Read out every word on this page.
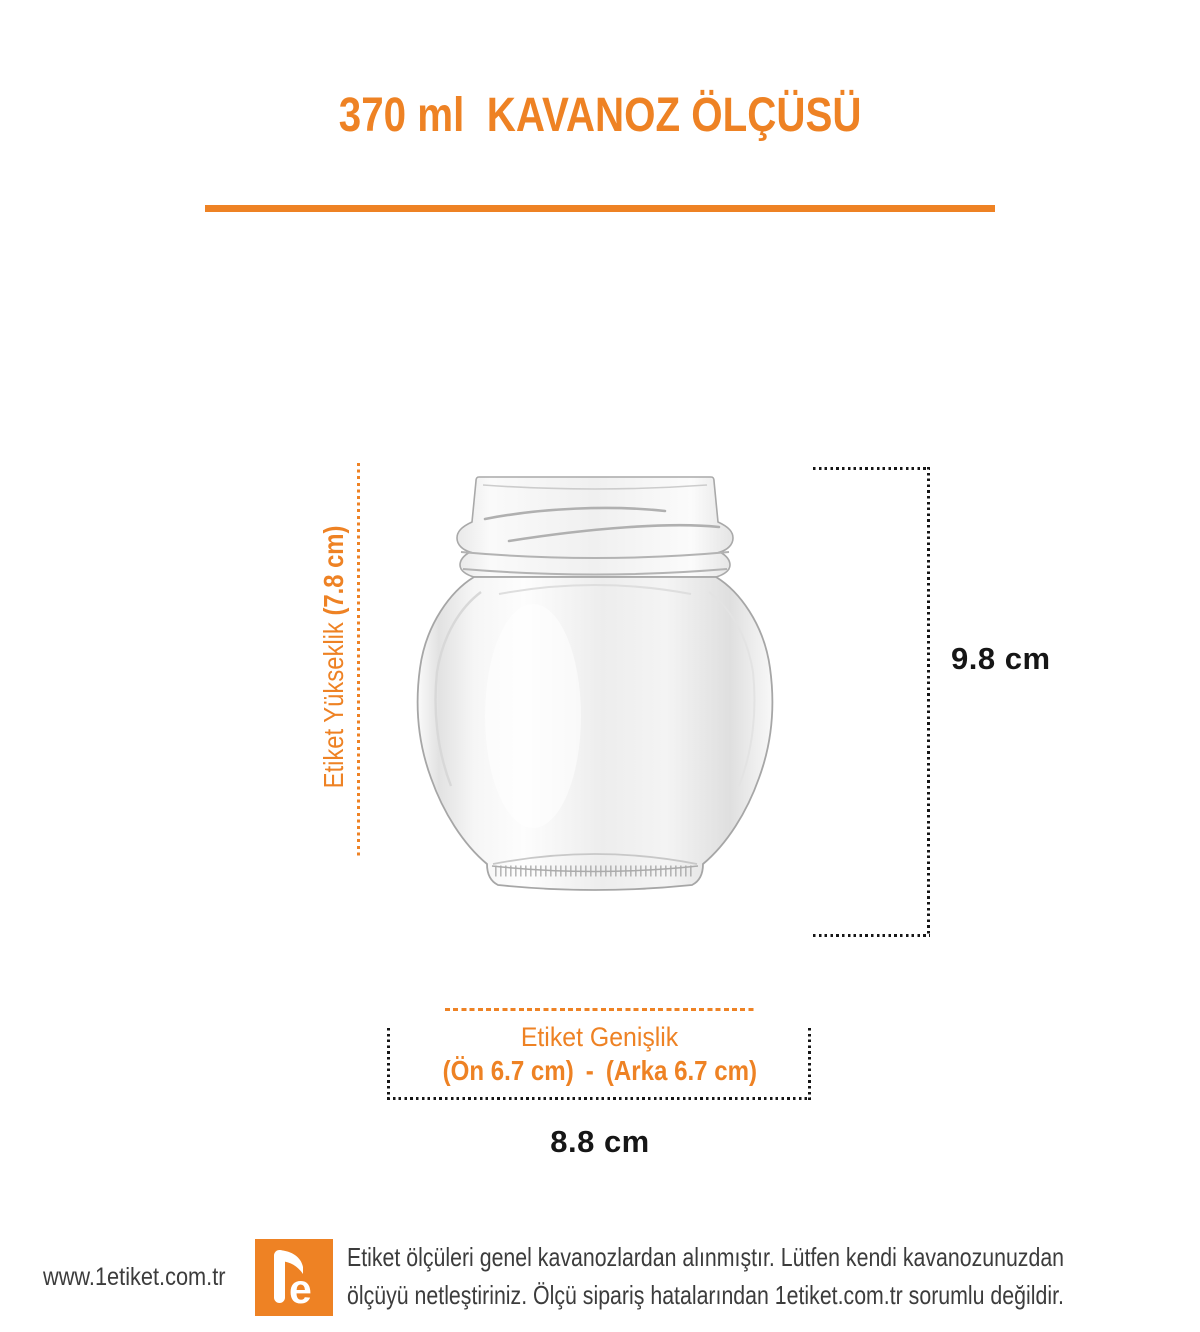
370 ml  KAVANOZ ÖLÇÜSÜ
Etiket Yükseklik (7.8 cm)
9.8 cm
Etiket Genişlik
(Ön 6.7 cm) - (Arka 6.7 cm)
8.8 cm
www.1etiket.com.tr	e
Etiket ölçüleri genel kavanozlardan alınmıştır. Lütfen kendi kavanozunuzdan
ölçüyü netleştiriniz. Ölçü sipariş hatalarından 1etiket.com.tr sorumlu değildir.
